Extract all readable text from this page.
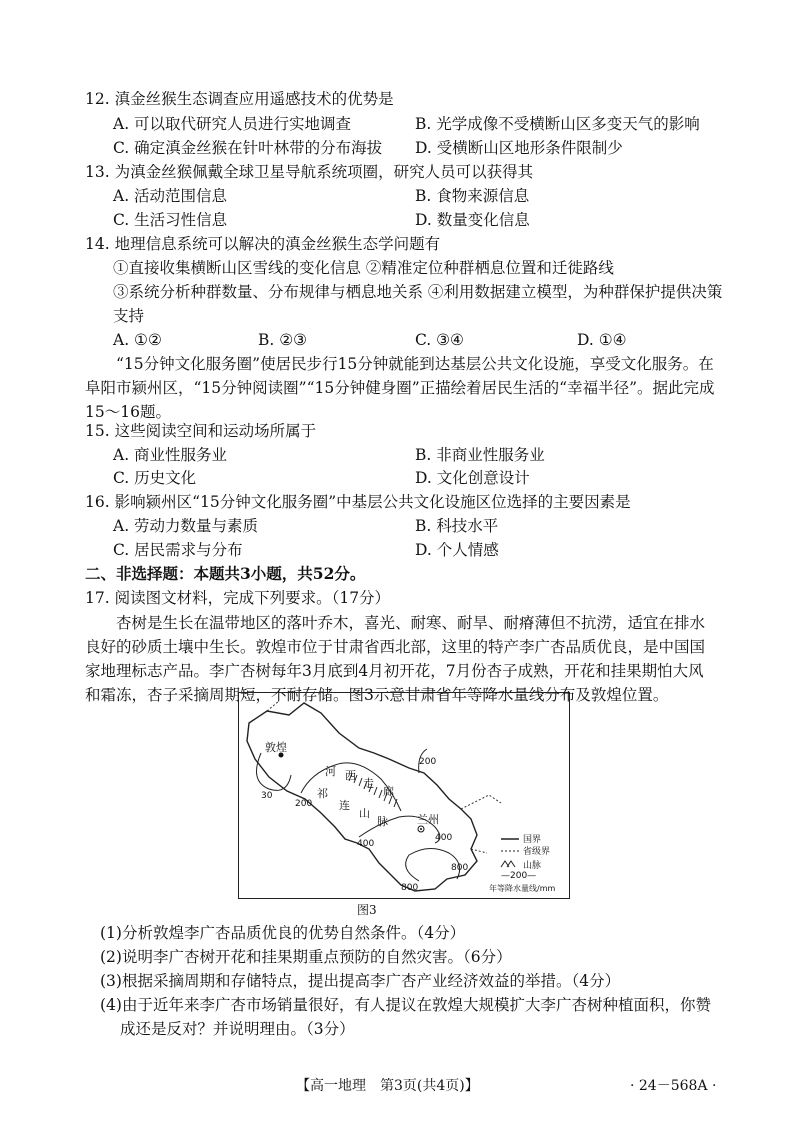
12. 滇金丝猴生态调查应用遥感技术的优势是
A. 可以取代研究人员进行实地调查	B. 光学成像不受横断山区多变天气的影响
C. 确定滇金丝猴在针叶林带的分布海拔 D. 受横断山区地形条件限制少
13. 为滇金丝猴佩戴全球卫星导航系统项圈，研究人员可以获得其
A. 活动范围信息	B. 食物来源信息
C. 生活习性信息	D. 数量变化信息
14. 地理信息系统可以解决的滇金丝猴生态学问题有
①直接收集横断山区雪线的变化信息 ②精准定位种群栖息位置和迁徙路线
③系统分析种群数量、分布规律与栖息地关系 ④利用数据建立模型，为种群保护提供决策
支持
A. ①②	B. ②③	C. ③④	D. ①④
“15分钟文化服务圈”使居民步行15分钟就能到达基层公共文化设施，享受文化服务。在阜阳市颍州区，“15分钟阅读圈”“15分钟健身圈”正描绘着居民生活的“幸福半径”。据此完成15～16题。
15. 这些阅读空间和运动场所属于
A. 商业性服务业	B. 非商业性服务业
C. 历史文化	D. 文化创意设计
16. 影响颍州区“15分钟文化服务圈”中基层公共文化设施区位选择的主要因素是
A. 劳动力数量与素质	B. 科技水平
C. 居民需求与分布	D. 个人情感
二、非选择题：本题共3小题，共52分。
17. 阅读图文材料，完成下列要求。（17分）
杏树是生长在温带地区的落叶乔木，喜光、耐寒、耐旱、耐瘠薄但不抗涝，适宜在排水良好的砂质土壤中生长。敦煌市位于甘肃省西北部，这里的特产李广杏品质优良，是中国国家地理标志产品。李广杏树每年3月底到4月初开花，7月份杏子成熟，开花和挂果期怕大风和霜冻，杏子采摘周期短，不耐存储。图3示意甘肃省年等降水量线分布及敦煌位置。
敦煌
兰州
河 西
走
廊
祁
连
山
脉
30
200
200
400
400
800
800
国界
省级界
山脉
—200—
年等降水量线/mm
图3
(1)分析敦煌李广杏品质优良的优势自然条件。（4分）
(2)说明李广杏树开花和挂果期重点预防的自然灾害。（6分）
(3)根据采摘周期和存储特点，提出提高李广杏产业经济效益的举措。（4分）
(4)由于近年来李广杏市场销量很好，有人提议在敦煌大规模扩大李广杏树种植面积，你赞
成还是反对？并说明理由。（3分）
【高一地理　第3页(共4页)】	· 24－568A ·
